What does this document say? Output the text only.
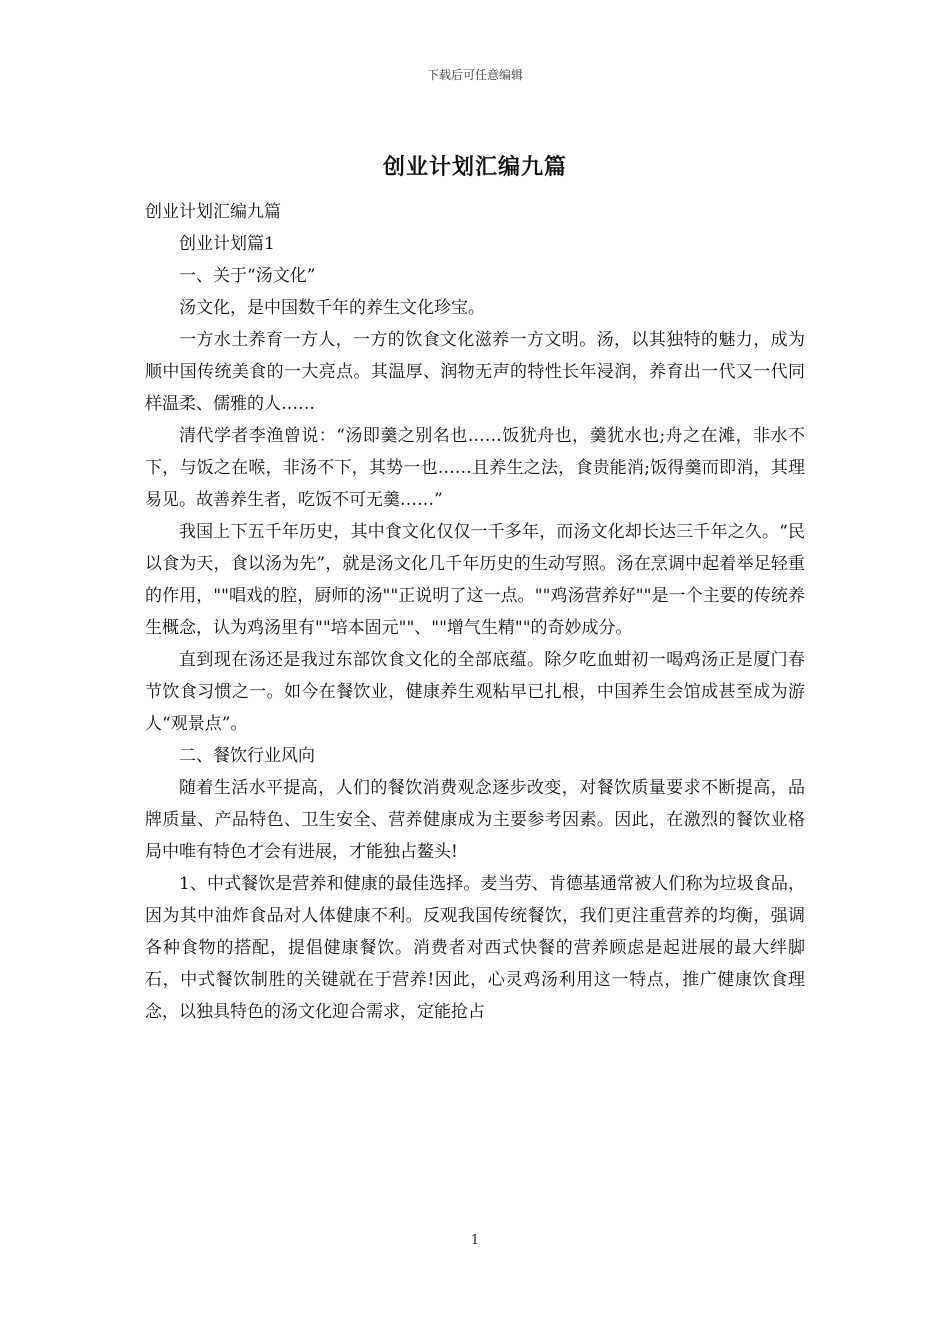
下载后可任意编辑
创业计划汇编九篇

创业计划汇编九篇

创业计划篇1

一、关于“汤文化”

汤文化，是中国数千年的养生文化珍宝。

一方水土养育一方人，一方的饮食文化滋养一方文明。汤，以其独特的魅力，成为顺中国传统美食的一大亮点。其温厚、润物无声的特性长年浸润，养育出一代又一代同样温柔、儒雅的人……

清代学者李渔曾说：“汤即羹之别名也……饭犹舟也，羹犹水也;舟之在滩，非水不下，与饭之在喉，非汤不下，其势一也……且养生之法，食贵能消;饭得羹而即消，其理易见。故善养生者，吃饭不可无羹……”

我国上下五千年历史，其中食文化仅仅一千多年，而汤文化却长达三千年之久。“民以食为天，食以汤为先”，就是汤文化几千年历史的生动写照。汤在烹调中起着举足轻重的作用，""唱戏的腔，厨师的汤""正说明了这一点。""鸡汤营养好""是一个主要的传统养生概念，认为鸡汤里有""培本固元""、""增气生精""的奇妙成分。

直到现在汤还是我过东部饮食文化的全部底蕴。除夕吃血蚶初一喝鸡汤正是厦门春节饮食习惯之一。如今在餐饮业，健康养生观粘早已扎根，中国养生会馆成甚至成为游人“观景点”。

二、餐饮行业风向

随着生活水平提高，人们的餐饮消费观念逐步改变，对餐饮质量要求不断提高，品牌质量、产品特色、卫生安全、营养健康成为主要参考因素。因此，在激烈的餐饮业格局中唯有特色才会有进展，才能独占鳌头!

1、中式餐饮是营养和健康的最佳选择。麦当劳、肯德基通常被人们称为垃圾食品，因为其中油炸食品对人体健康不利。反观我国传统餐饮，我们更注重营养的均衡，强调各种食物的搭配，提倡健康餐饮。消费者对西式快餐的营养顾虑是起进展的最大绊脚石，中式餐饮制胜的关键就在于营养!因此，心灵鸡汤利用这一特点，推广健康饮食理念，以独具特色的汤文化迎合需求，定能抢占

1
